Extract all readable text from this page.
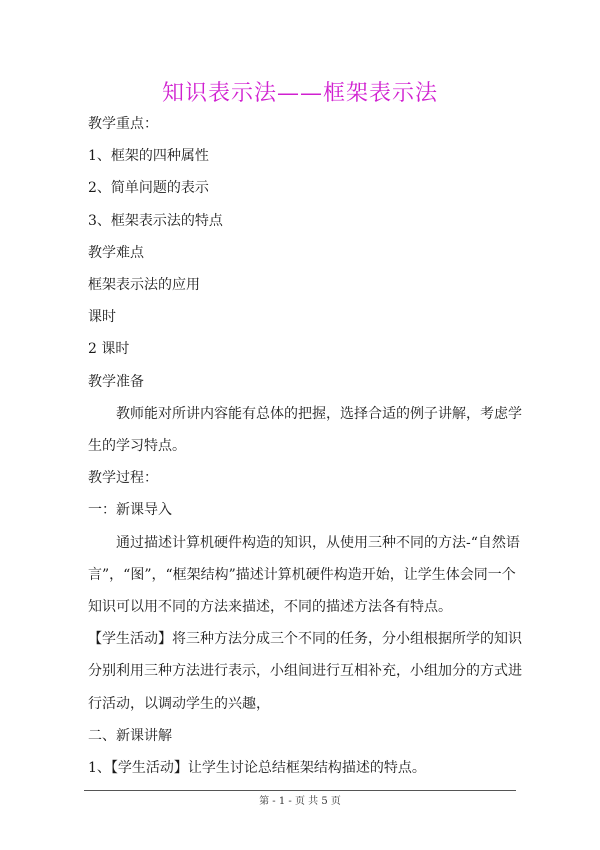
知识表示法——框架表示法

教学重点：

1、框架的四种属性

2、简单问题的表示

3、框架表示法的特点

教学难点

框架表示法的应用

课时

2 课时

教学准备

教师能对所讲内容能有总体的把握，选择合适的例子讲解，考虑学生的学习特点。

教学过程：

一：新课导入

通过描述计算机硬件构造的知识，从使用三种不同的方法-“自然语言”，“图”，“框架结构”描述计算机硬件构造开始，让学生体会同一个知识可以用不同的方法来描述，不同的描述方法各有特点。

【学生活动】将三种方法分成三个不同的任务，分小组根据所学的知识分别利用三种方法进行表示，小组间进行互相补充，小组加分的方式进行活动，以调动学生的兴趣，

二、新课讲解

1、【学生活动】让学生讨论总结框架结构描述的特点。

第 - 1 - 页 共 5 页
